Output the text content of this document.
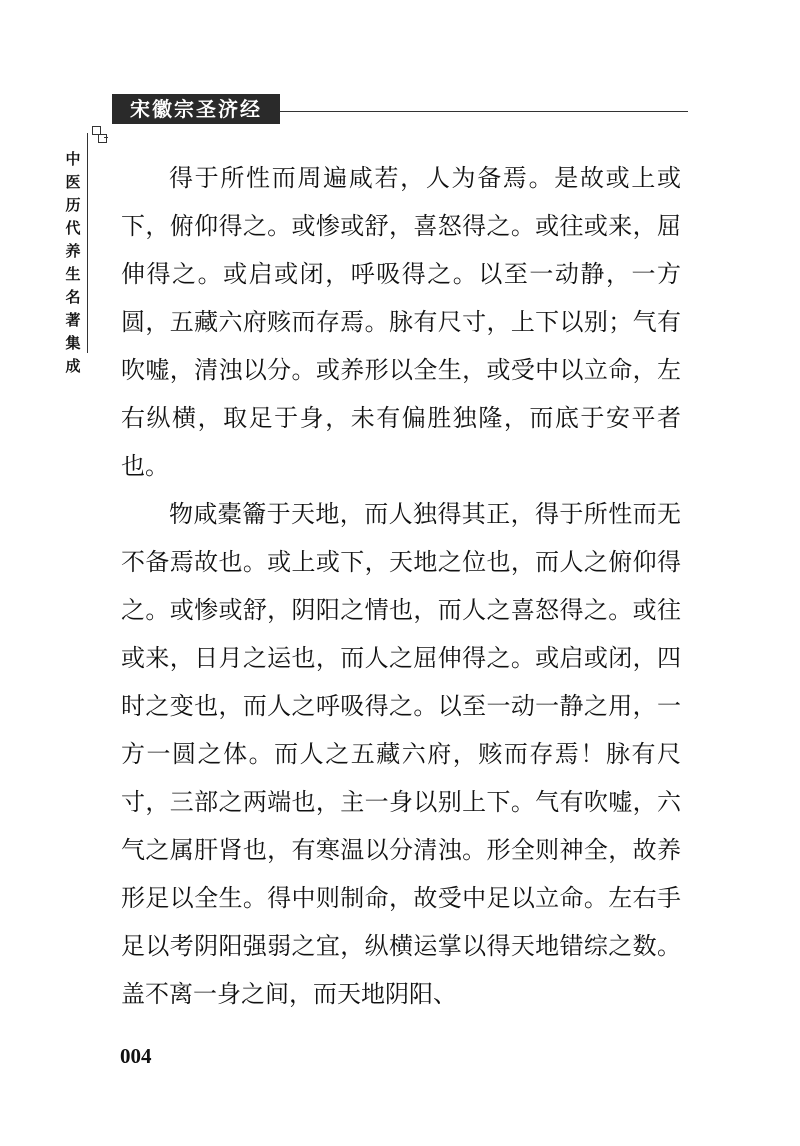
宋徽宗圣济经
中
医
历
代
养
生
名
著
集
成

得于所性而周遍咸若，人为备焉。是故或上或下，俯仰得之。或惨或舒，喜怒得之。或往或来，屈伸得之。或启或闭，呼吸得之。以至一动静，一方圆，五藏六府赅而存焉。脉有尺寸，上下以别；气有吹嘘，清浊以分。或养形以全生，或受中以立命，左右纵横，取足于身，未有偏胜独隆，而底于安平者也。

物咸橐籥于天地，而人独得其正，得于所性而无不备焉故也。或上或下，天地之位也，而人之俯仰得之。或惨或舒，阴阳之情也，而人之喜怒得之。或往或来，日月之运也，而人之屈伸得之。或启或闭，四时之变也，而人之呼吸得之。以至一动一静之用，一方一圆之体。而人之五藏六府，赅而存焉！脉有尺寸，三部之两端也，主一身以别上下。气有吹嘘，六气之属肝肾也，有寒温以分清浊。形全则神全，故养形足以全生。得中则制命，故受中足以立命。左右手足以考阴阳强弱之宜，纵横运掌以得天地错综之数。盖不离一身之间，而天地阴阳、

004
